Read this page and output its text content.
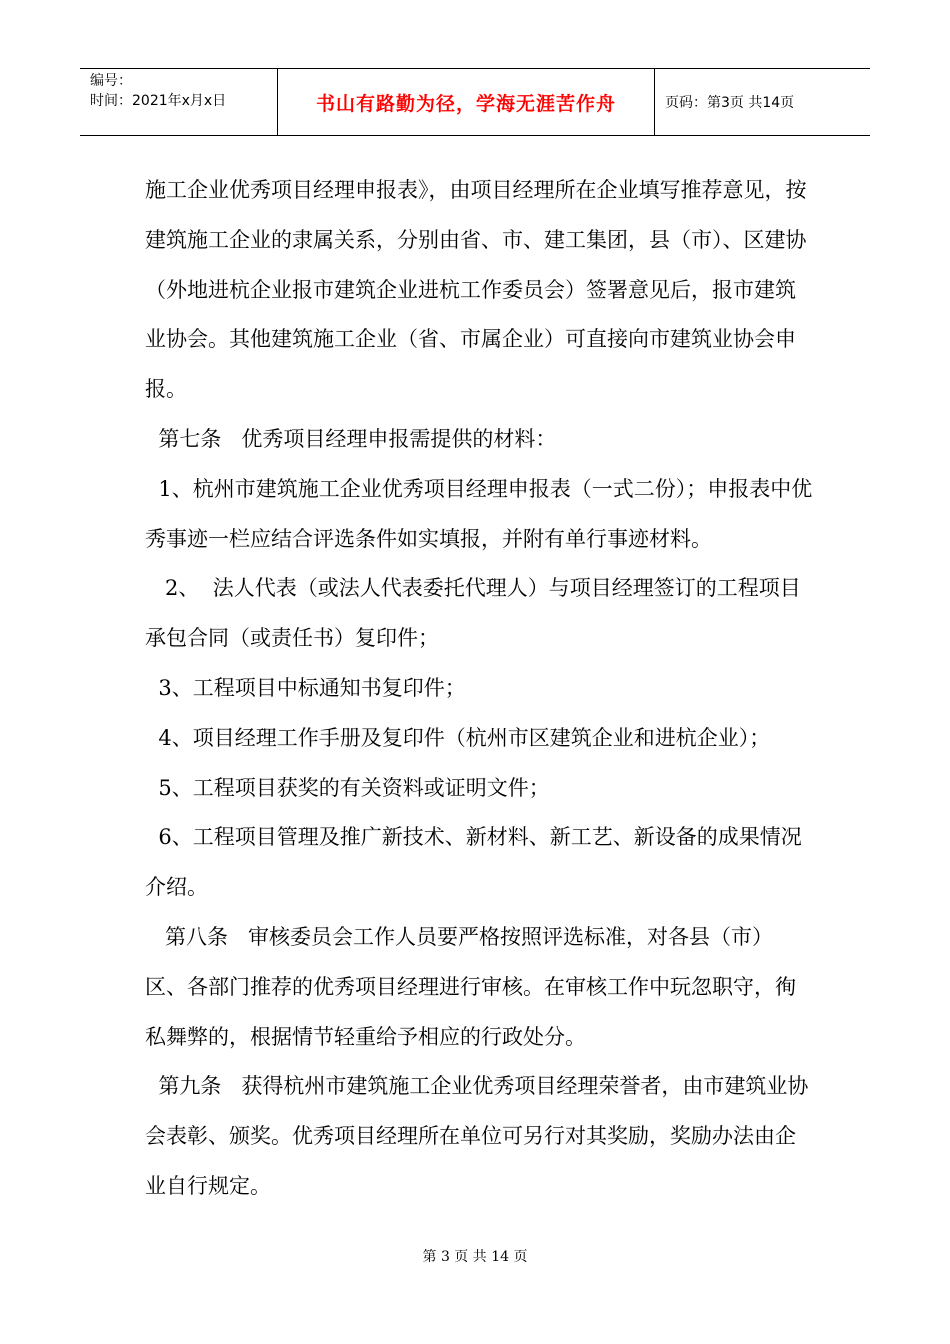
编号：
时间：2021年x月x日	书山有路勤为径，学海无涯苦作舟	页码：第3页 共14页

施工企业优秀项目经理申报表》，由项目经理所在企业填写推荐意见，按建筑施工企业的隶属关系，分别由省、市、建工集团，县（市）、区建协（外地进杭企业报市建筑企业进杭工作委员会）签署意见后，报市建筑业协会。其他建筑施工企业（省、市属企业）可直接向市建筑业协会申报。

第七条   优秀项目经理申报需提供的材料：

1、杭州市建筑施工企业优秀项目经理申报表（一式二份）；申报表中优秀事迹一栏应结合评选条件如实填报，并附有单行事迹材料。

2、  法人代表（或法人代表委托代理人）与项目经理签订的工程项目承包合同（或责任书）复印件；

3、工程项目中标通知书复印件；

4、项目经理工作手册及复印件（杭州市区建筑企业和进杭企业）；

5、工程项目获奖的有关资料或证明文件；

6、工程项目管理及推广新技术、新材料、新工艺、新设备的成果情况介绍。

第八条   审核委员会工作人员要严格按照评选标准，对各县（市）区、各部门推荐的优秀项目经理进行审核。在审核工作中玩忽职守，徇私舞弊的，根据情节轻重给予相应的行政处分。

第九条   获得杭州市建筑施工企业优秀项目经理荣誉者，由市建筑业协会表彰、颁奖。优秀项目经理所在单位可另行对其奖励，奖励办法由企业自行规定。

第 3 页 共 14 页
